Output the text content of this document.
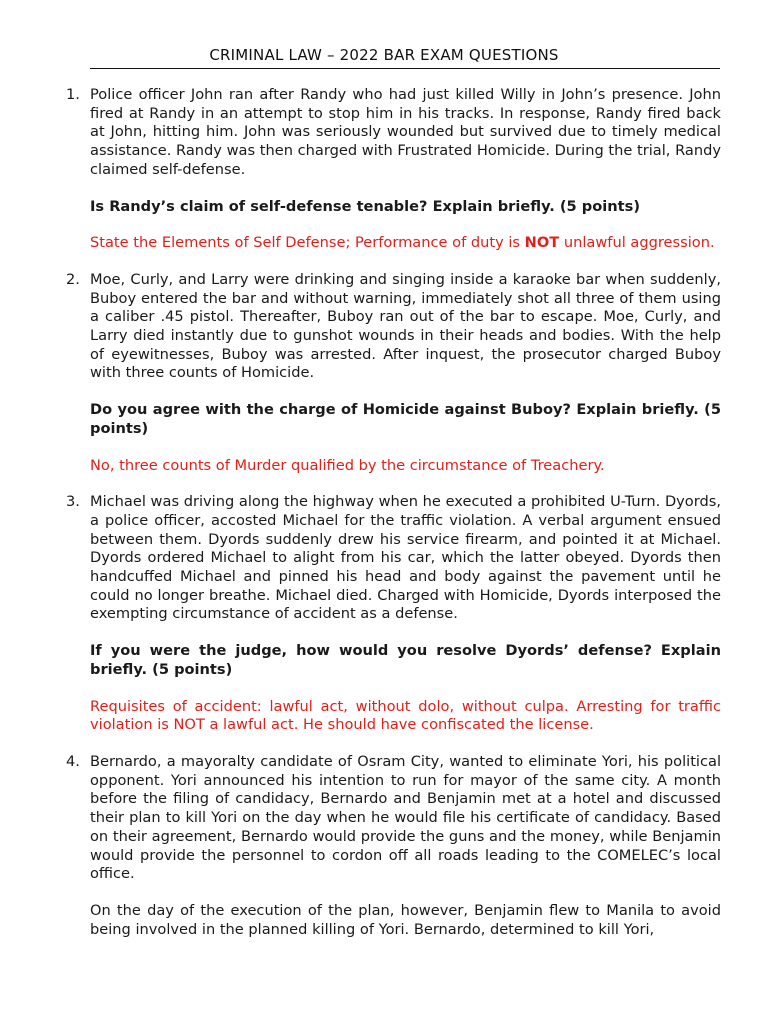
CRIMINAL LAW – 2022 BAR EXAM QUESTIONS
1. Police officer John ran after Randy who had just killed Willy in John’s presence. John fired at Randy in an attempt to stop him in his tracks. In response, Randy fired back at John, hitting him. John was seriously wounded but survived due to timely medical assistance. Randy was then charged with Frustrated Homicide. During the trial, Randy claimed self-defense.

Is Randy’s claim of self-defense tenable? Explain briefly. (5 points)

State the Elements of Self Defense; Performance of duty is NOT unlawful aggression.

2. Moe, Curly, and Larry were drinking and singing inside a karaoke bar when suddenly, Buboy entered the bar and without warning, immediately shot all three of them using a caliber .45 pistol. Thereafter, Buboy ran out of the bar to escape. Moe, Curly, and Larry died instantly due to gunshot wounds in their heads and bodies. With the help of eyewitnesses, Buboy was arrested. After inquest, the prosecutor charged Buboy with three counts of Homicide.

Do you agree with the charge of Homicide against Buboy? Explain briefly. (5 points)

No, three counts of Murder qualified by the circumstance of Treachery.

3. Michael was driving along the highway when he executed a prohibited U-Turn. Dyords, a police officer, accosted Michael for the traffic violation. A verbal argument ensued between them. Dyords suddenly drew his service firearm, and pointed it at Michael. Dyords ordered Michael to alight from his car, which the latter obeyed. Dyords then handcuffed Michael and pinned his head and body against the pavement until he could no longer breathe. Michael died. Charged with Homicide, Dyords interposed the exempting circumstance of accident as a defense.

If you were the judge, how would you resolve Dyords’ defense? Explain briefly. (5 points)

Requisites of accident: lawful act, without dolo, without culpa. Arresting for traffic violation is NOT a lawful act. He should have confiscated the license.

4. Bernardo, a mayoralty candidate of Osram City, wanted to eliminate Yori, his political opponent. Yori announced his intention to run for mayor of the same city. A month before the filing of candidacy, Bernardo and Benjamin met at a hotel and discussed their plan to kill Yori on the day when he would file his certificate of candidacy. Based on their agreement, Bernardo would provide the guns and the money, while Benjamin would provide the personnel to cordon off all roads leading to the COMELEC’s local office.

On the day of the execution of the plan, however, Benjamin flew to Manila to avoid being involved in the planned killing of Yori. Bernardo, determined to kill Yori,
